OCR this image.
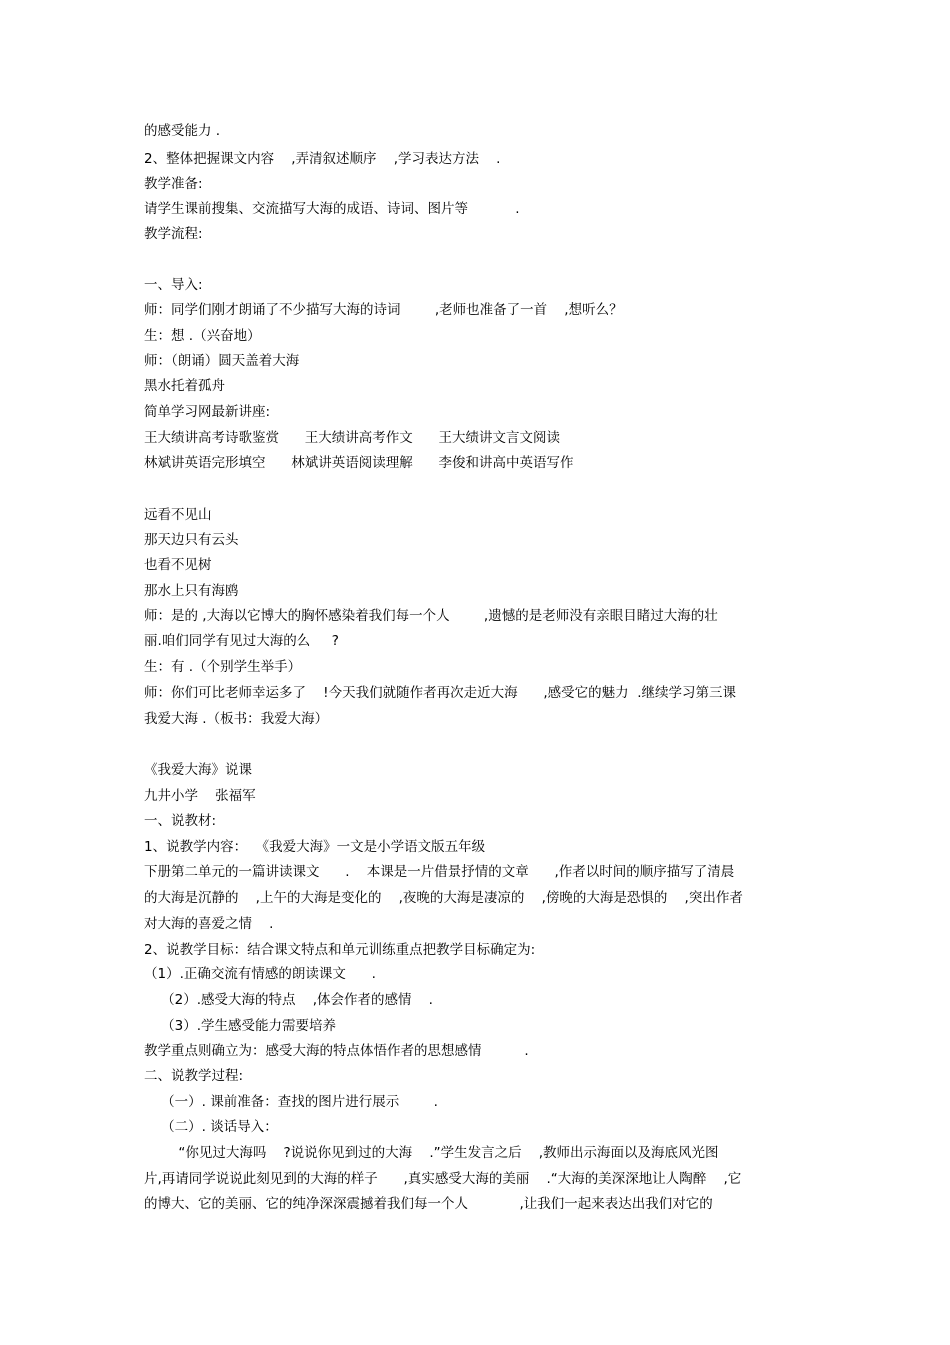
的感受能力 .
2、整体把握课文内容    ,弄清叙述顺序    ,学习表达方法    .
教学准备:
请学生课前搜集、交流描写大海的成语、诗词、图片等           .
教学流程:
一、导入:
师：同学们刚才朗诵了不少描写大海的诗词        ,老师也准备了一首    ,想听么？
生：想 .（兴奋地）
师：（朗诵）圆天盖着大海
黑水托着孤舟
简单学习网最新讲座:
王大绩讲高考诗歌鉴赏      王大绩讲高考作文      王大绩讲文言文阅读
林斌讲英语完形填空      林斌讲英语阅读理解      李俊和讲高中英语写作
远看不见山
那天边只有云头
也看不见树
那水上只有海鸥
师：是的 ,大海以它博大的胸怀感染着我们每一个人        ,遗憾的是老师没有亲眼目睹过大海的壮
丽.咱们同学有见过大海的么     ?
生：有 .（个别学生举手）
师：你们可比老师幸运多了    !今天我们就随作者再次走近大海      ,感受它的魅力  .继续学习第三课
我爱大海 .（板书：我爱大海）
《我爱大海》说课
九井小学    张福军
一、说教材:
1、说教学内容：  《我爱大海》一文是小学语文版五年级
下册第二单元的一篇讲读课文      .    本课是一片借景抒情的文章      ,作者以时间的顺序描写了清晨
的大海是沉静的    ,上午的大海是变化的    ,夜晚的大海是凄凉的    ,傍晚的大海是恐惧的    ,突出作者
对大海的喜爱之情    .
2、说教学目标：结合课文特点和单元训练重点把教学目标确定为:
（1）.正确交流有情感的朗读课文      .
（2）.感受大海的特点    ,体会作者的感情    .
（3）.学生感受能力需要培养
教学重点则确立为：感受大海的特点体悟作者的思想感情          .
二、说教学过程:
（一）. 课前准备：查找的图片进行展示        .
（二）. 谈话导入：
“你见过大海吗    ?说说你见到过的大海    .”学生发言之后    ,教师出示海面以及海底风光图
片,再请同学说说此刻见到的大海的样子      ,真实感受大海的美丽    .“大海的美深深地让人陶醉    ,它
的博大、它的美丽、它的纯净深深震撼着我们每一个人            ,让我们一起来表达出我们对它的
